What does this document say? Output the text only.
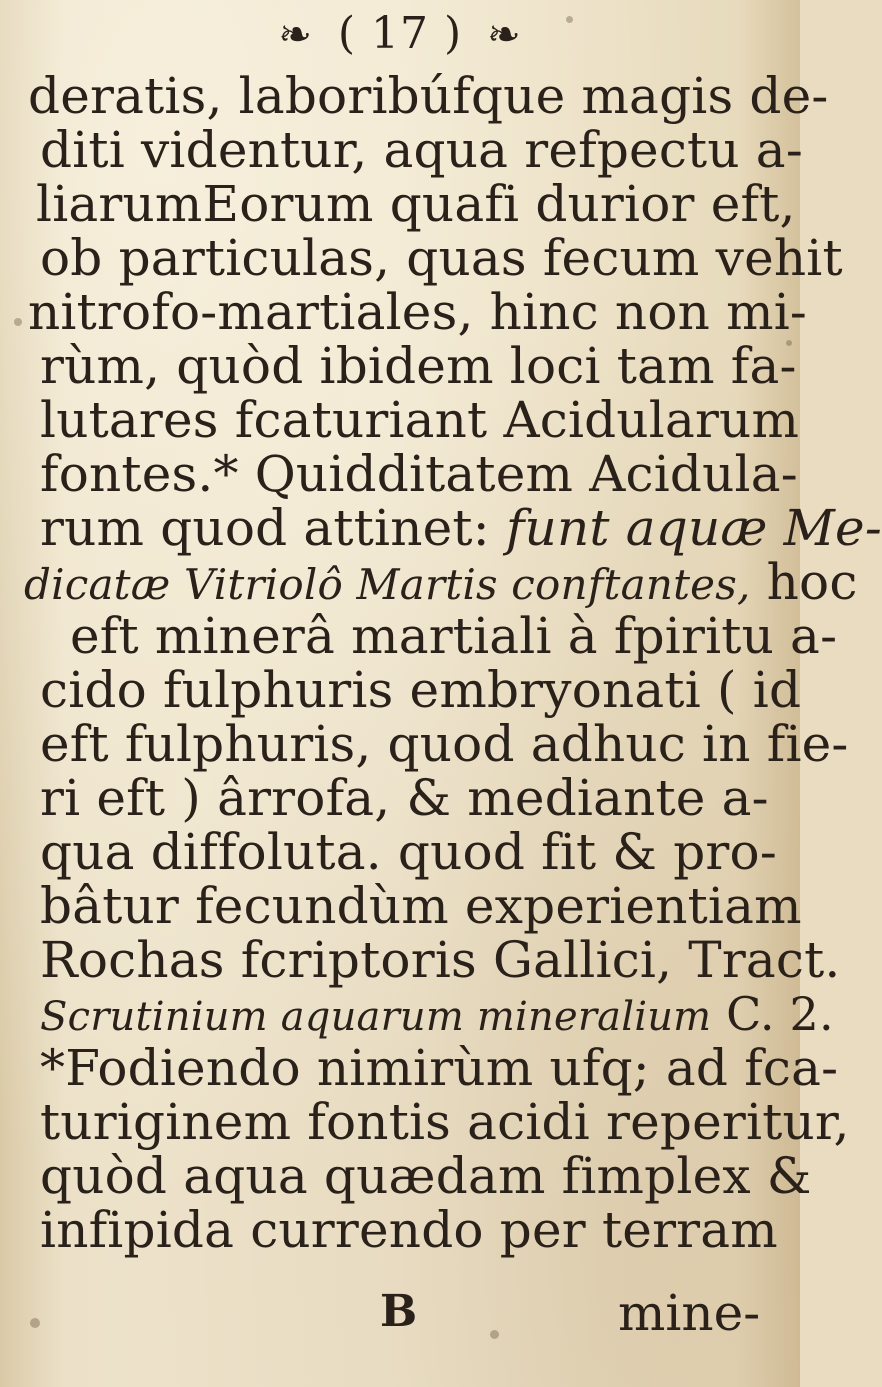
❧ ( 17 ) ❧
deratis, laboribúfque magis de-
diti videntur, aqua refpectu a-
liarumEorum quafi durior eft,
ob particulas, quas fecum vehit
nitrofo-martiales, hinc non mi-
rùm, quòd ibidem loci tam fa-
lutares fcaturiant Acidularum
fontes.* Quidditatem Acidula-
rum quod attinet: funt aquæ Me-
dicatæ Vitriolô Martis conftantes, hoc
eft minerâ martiali à fpiritu a-
cido fulphuris embryonati ( id
eft fulphuris, quod adhuc in fie-
ri eft ) ârrofa, & mediante a-
qua diffoluta. quod fit & pro-
bâtur fecundùm experientiam
Rochas fcriptoris Gallici, Tract.
Scrutinium aquarum mineralium C. 2.
*Fodiendo nimirùm ufq; ad fca-
turiginem fontis acidi reperitur,
quòd aqua quædam fimplex &
infipida currendo per terram
B	mine-
